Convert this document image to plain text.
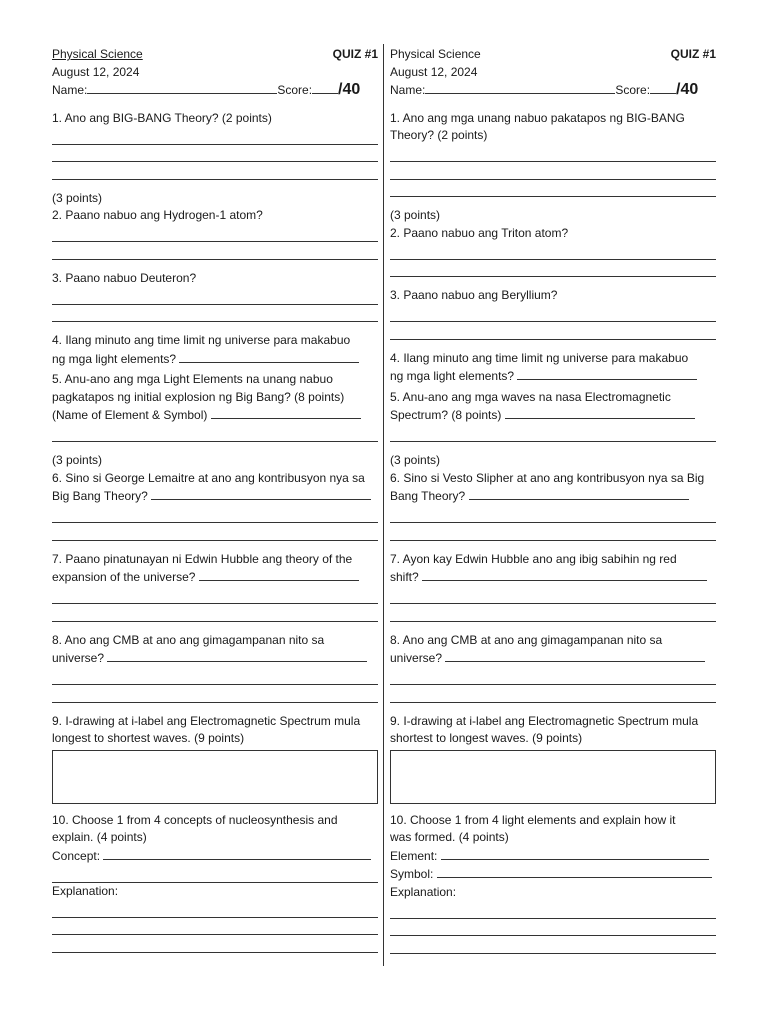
Physical Science	QUIZ #1
August 12, 2024
Name:	Score: /40
1. Ano ang BIG-BANG Theory? (2 points)
(3 points)
2. Paano nabuo ang Hydrogen-1 atom?
3. Paano nabuo Deuteron?
4. Ilang minuto ang time limit ng universe para makabuo
ng mga light elements?
5. Anu-ano ang mga Light Elements na unang nabuo
pagkatapos ng initial explosion ng Big Bang? (8 points)
(Name of Element & Symbol)
(3 points)
6. Sino si George Lemaitre at ano ang kontribusyon nya sa
Big Bang Theory?
7. Paano pinatunayan ni Edwin Hubble ang theory of the
expansion of the universe?
8. Ano ang CMB at ano ang gimagampanan nito sa
universe?
9. I-drawing at i-label ang Electromagnetic Spectrum mula
longest to shortest waves. (9 points)
10. Choose 1 from 4 concepts of nucleosynthesis and
explain. (4 points)
Concept:
Explanation:
Physical Science	QUIZ #1
August 12, 2024
Name:	Score: /40
1. Ano ang mga unang nabuo pakatapos ng BIG-BANG
Theory? (2 points)
(3 points)
2. Paano nabuo ang Triton atom?
3. Paano nabuo ang Beryllium?
4. Ilang minuto ang time limit ng universe para makabuo
ng mga light elements?
5. Anu-ano ang mga waves na nasa Electromagnetic
Spectrum? (8 points)
(3 points)
6. Sino si Vesto Slipher at ano ang kontribusyon nya sa Big
Bang Theory?
7. Ayon kay Edwin Hubble ano ang ibig sabihin ng red
shift?
8. Ano ang CMB at ano ang gimagampanan nito sa
universe?
9. I-drawing at i-label ang Electromagnetic Spectrum mula
shortest to longest waves. (9 points)
10. Choose 1 from 4 light elements and explain how it
was formed. (4 points)
Element:
Symbol:
Explanation:
